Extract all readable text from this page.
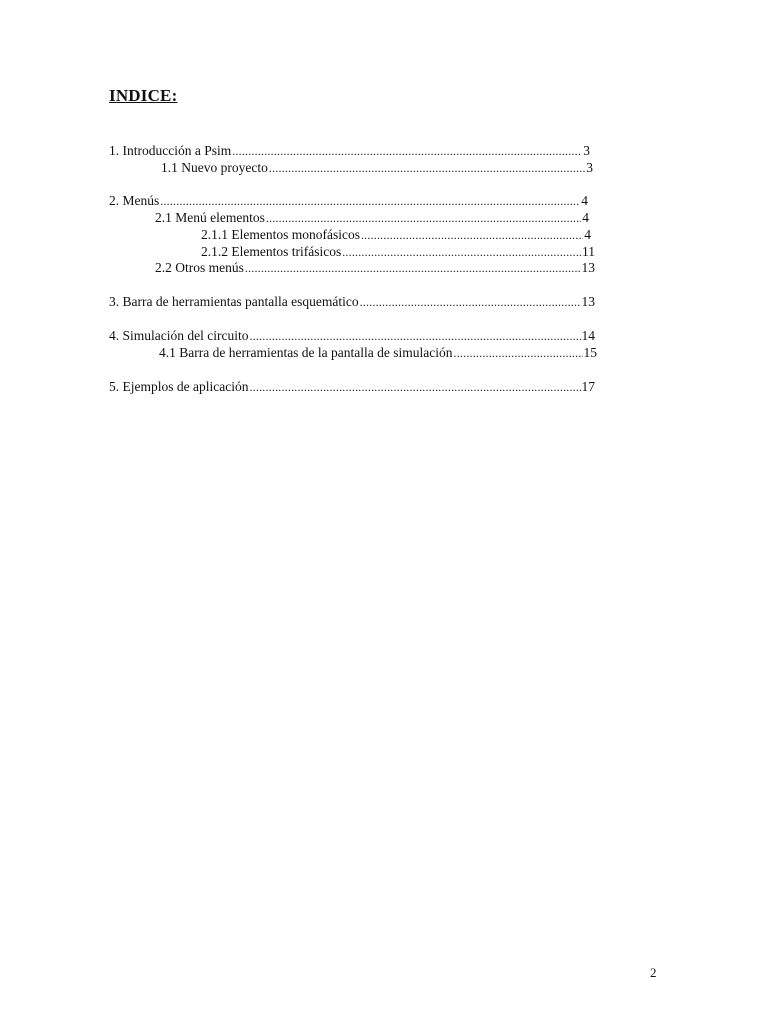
INDICE:
1. Introducción a Psim .....	3
1.1 Nuevo proyecto .....	3
2. Menús .....	4
2.1 Menú elementos .....	4
2.1.1 Elementos monofásicos .....	4
2.1.2 Elementos trifásicos .....	11
2.2 Otros menús .....	13
3. Barra de herramientas pantalla esquemático .....	13
4. Simulación del circuito .....	14
4.1 Barra de herramientas de la pantalla de simulación .....	15
5. Ejemplos de aplicación .....	17
2
